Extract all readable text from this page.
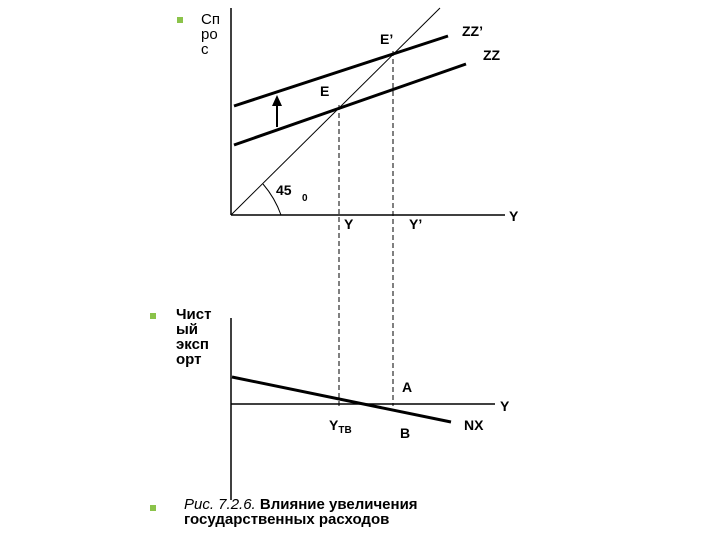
ZZ’
ZZ
E’
E
45
0
Y	Y’	Y
A
B
Y
NX
$Y_{ТВ}$
Сп
ро
с
Чист
ый
эксп
орт
Рис. 7.2.6. Влияние увеличения
государственных расходов
